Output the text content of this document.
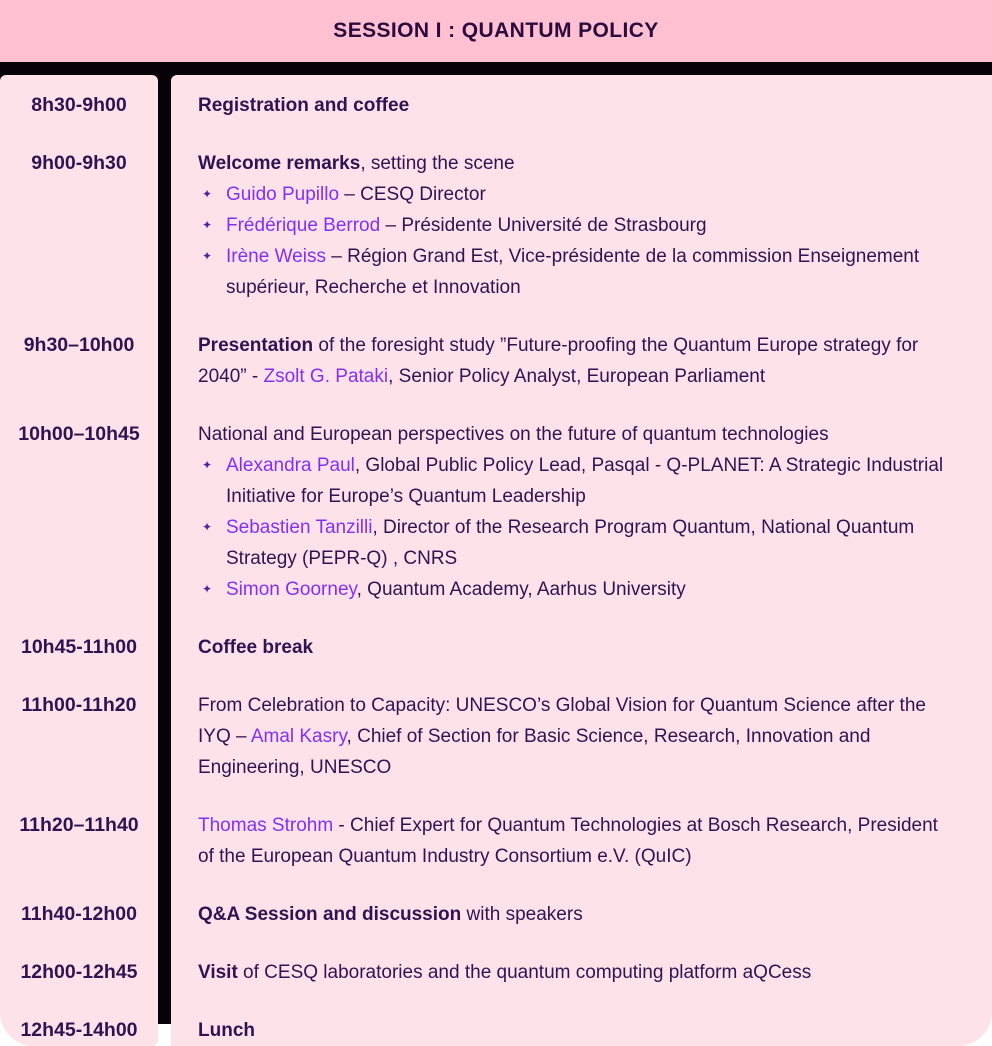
SESSION I : QUANTUM POLICY
8h30-9h00	Registration and coffee
9h00-9h30	Welcome remarks, setting the scene
✦ Guido Pupillo – CESQ Director
✦ Frédérique Berrod – Présidente Université de Strasbourg
✦ Irène Weiss – Région Grand Est, Vice-présidente de la commission Enseignement supérieur, Recherche et Innovation
9h30–10h00	Presentation of the foresight study ”Future-proofing the Quantum Europe strategy for 2040” - Zsolt G. Pataki, Senior Policy Analyst, European Parliament
10h00–10h45	National and European perspectives on the future of quantum technologies
✦ Alexandra Paul, Global Public Policy Lead, Pasqal - Q-PLANET: A Strategic Industrial Initiative for Europe’s Quantum Leadership
✦ Sebastien Tanzilli, Director of the Research Program Quantum, National Quantum Strategy (PEPR-Q) , CNRS
✦ Simon Goorney, Quantum Academy, Aarhus University
10h45-11h00	Coffee break
11h00-11h20	From Celebration to Capacity: UNESCO’s Global Vision for Quantum Science after the IYQ – Amal Kasry, Chief of Section for Basic Science, Research, Innovation and Engineering, UNESCO
11h20–11h40	Thomas Strohm - Chief Expert for Quantum Technologies at Bosch Research, President of the European Quantum Industry Consortium e.V. (QuIC)
11h40-12h00	Q&A Session and discussion with speakers
12h00-12h45	Visit of CESQ laboratories and the quantum computing platform aQCess
12h45-14h00	Lunch
